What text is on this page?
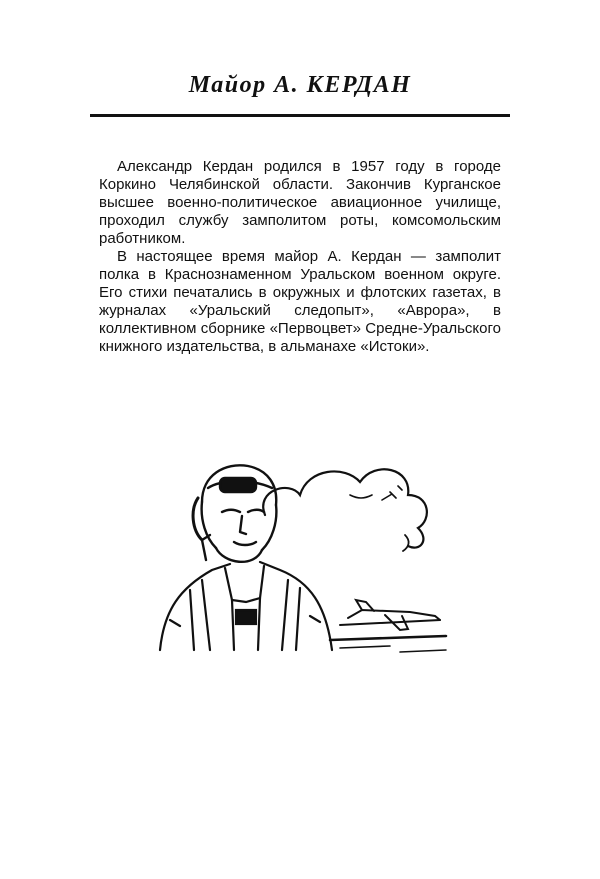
Майор А. КЕРДАН

Александр Кердан родился в 1957 году в городе Коркино Челябинской области. Закончив Курганское высшее военно-политическое авиационное училище, проходил службу замполитом роты, комсомольским работником.

В настоящее время майор А. Кердан — замполит полка в Краснознаменном Уральском военном округе. Его стихи печатались в окружных и флотских газетах, в журналах «Уральский следопыт», «Аврора», в коллективном сборнике «Первоцвет» Средне-Уральского книжного издательства, в альманахе «Истоки».
